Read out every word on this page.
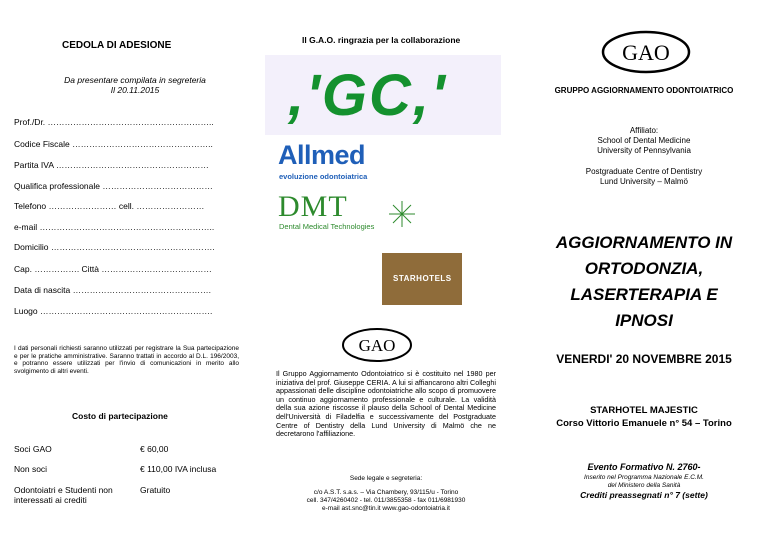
CEDOLA DI ADESIONE
Da presentare compilata in segreteria
Il 20.11.2015
Prof./Dr. …………………………………………………..
Codice Fiscale …………………………………………..
Partita IVA ………………………………………………
Qualifica professionale …………………………………
Telefono …………………… cell. ……………………
e-mail ……………………………………………………..
Domicilio ………………………………………………….
Cap. ……………. Città …………………………………
Data di nascita ………………………………………….
Luogo …………………………………………………….
I dati personali richiesti saranno utilizzati per registrare la Sua partecipazione e per le pratiche amministrative. Saranno trattati in accordo al D.L. 196/2003, e potranno essere utilizzati per l'invio di comunicazioni in merito allo svolgimento di altri eventi.
Costo di partecipazione
Soci GAO	€ 60,00
Non soci	€ 110,00 IVA inclusa
Odontoiatri e Studenti non interessati ai crediti
Gratuito
Il G.A.O. ringrazia per la collaborazione
,'GC,'
Allmed
evoluzione odontoiatrica
DMT
Dental Medical Technologies
STARHOTELS
GAO
Il Gruppo Aggiornamento Odontoiatrico si è costituito nel 1980 per iniziativa del prof. Giuseppe CERIA. A lui si affiancarono altri Colleghi appassionati delle discipline odontoiatriche allo scopo di promuovere un continuo aggiornamento professionale e culturale. La validità della sua azione riscosse il plauso della School of Dental Medicine dell'Università di Filadelfia e successivamente del Postgraduate Centre of Dentistry della Lund University di Malmö che ne decretarono l'affiliazione.
Sede legale e segreteria:
c/o A.S.T. s.a.s. – Via Chambery, 93/115/u - Torino
cell. 347/4260402 - tel. 011/3855358 - fax 011/6981930
e-mail ast.snc@tin.it www.gao-odontoiatria.it
GAO
GRUPPO AGGIORNAMENTO ODONTOIATRICO
Affiliato:
School of Dental Medicine
University of Pennsylvania
Postgraduate Centre of Dentistry
Lund University – Malmö
AGGIORNAMENTO IN
ORTODONZIA,
LASERTERAPIA E
IPNOSI
VENERDI' 20 NOVEMBRE 2015
STARHOTEL MAJESTIC
Corso Vittorio Emanuele n° 54 – Torino
Evento Formativo N. 2760-
Inserito nel Programma Nazionale E.C.M.
del Ministero della Sanità
Crediti preassegnati n° 7 (sette)
